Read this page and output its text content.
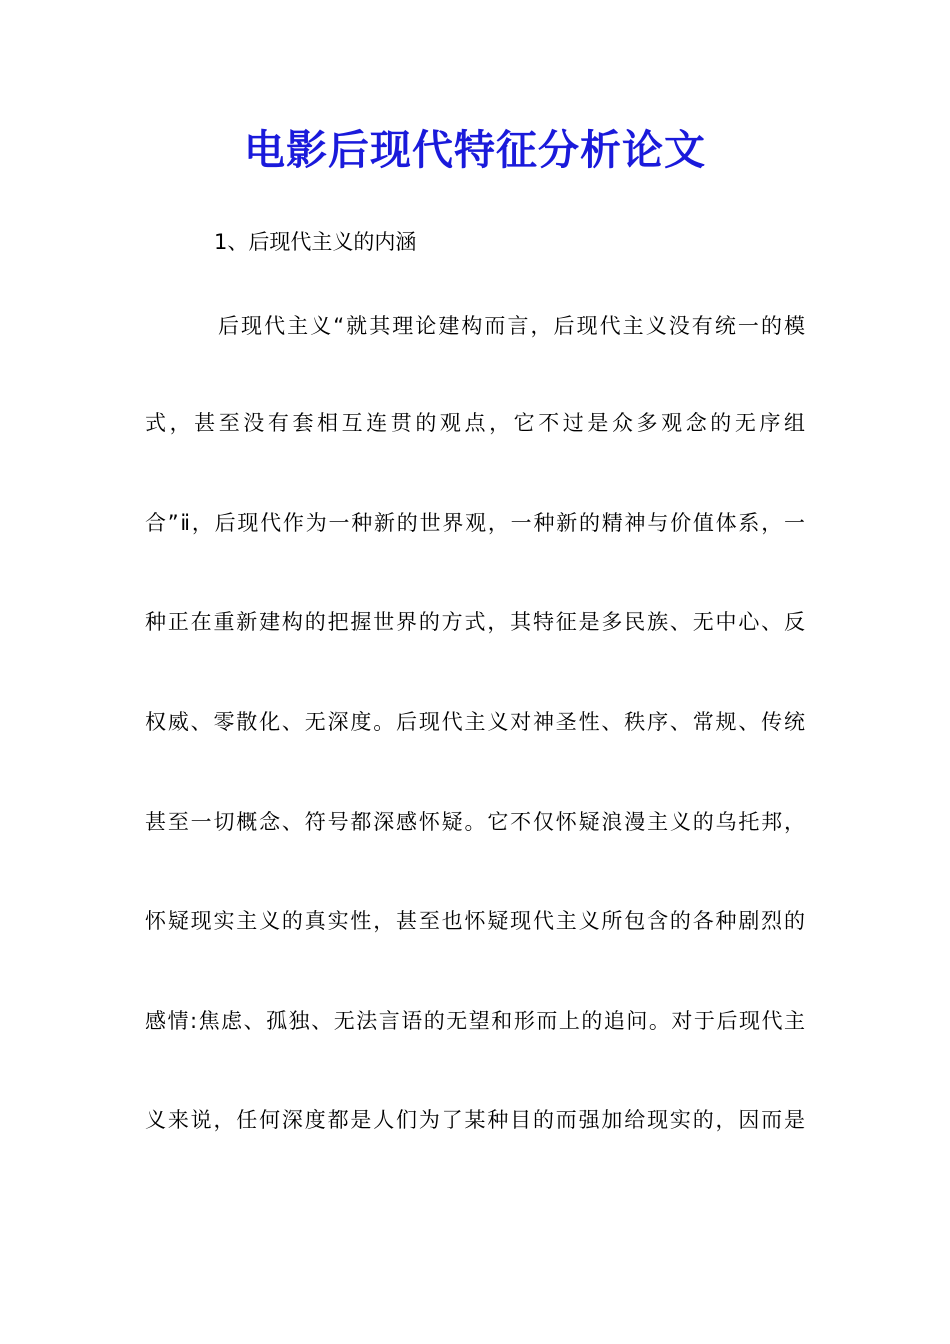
电影后现代特征分析论文
1、后现代主义的内涵
后现代主义“就其理论建构而言，后现代主义没有统一的模
式，甚至没有套相互连贯的观点，它不过是众多观念的无序组
合”ⅱ，后现代作为一种新的世界观，一种新的精神与价值体系，一
种正在重新建构的把握世界的方式，其特征是多民族、无中心、反
权威、零散化、无深度。后现代主义对神圣性、秩序、常规、传统
甚至一切概念、符号都深感怀疑。它不仅怀疑浪漫主义的乌托邦，
怀疑现实主义的真实性，甚至也怀疑现代主义所包含的各种剧烈的
感情:焦虑、孤独、无法言语的无望和形而上的追问。对于后现代主
义来说，任何深度都是人们为了某种目的而强加给现实的，因而是
